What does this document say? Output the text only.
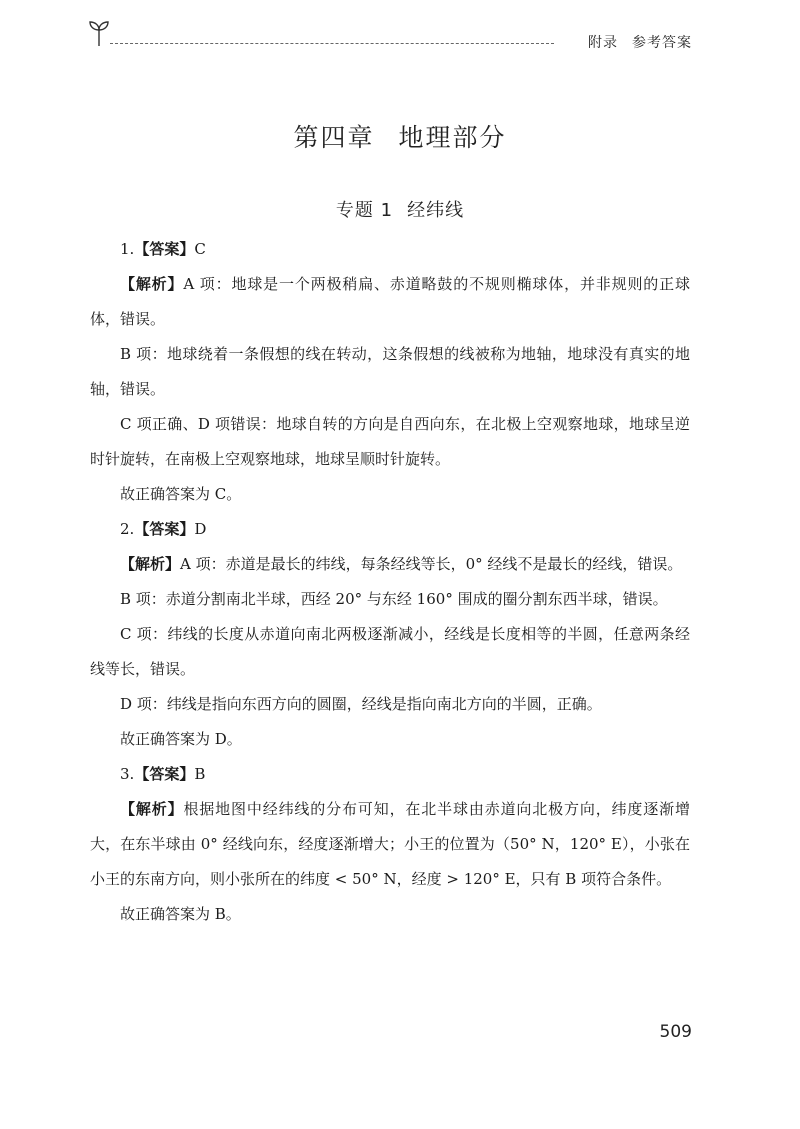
附录 参考答案
第四章 地理部分
专题 1 经纬线

1.【答案】C

【解析】A 项：地球是一个两极稍扁、赤道略鼓的不规则椭球体，并非规则的正球体，错误。

B 项：地球绕着一条假想的线在转动，这条假想的线被称为地轴，地球没有真实的地轴，错误。

C 项正确、D 项错误：地球自转的方向是自西向东，在北极上空观察地球，地球呈逆时针旋转，在南极上空观察地球，地球呈顺时针旋转。

故正确答案为 C。

2.【答案】D

【解析】A 项：赤道是最长的纬线，每条经线等长，0° 经线不是最长的经线，错误。

B 项：赤道分割南北半球，西经 20° 与东经 160° 围成的圈分割东西半球，错误。

C 项：纬线的长度从赤道向南北两极逐渐减小，经线是长度相等的半圆，任意两条经线等长，错误。

D 项：纬线是指向东西方向的圆圈，经线是指向南北方向的半圆，正确。

故正确答案为 D。

3.【答案】B

【解析】根据地图中经纬线的分布可知，在北半球由赤道向北极方向，纬度逐渐增大，在东半球由 0° 经线向东，经度逐渐增大；小王的位置为（50° N，120° E），小张在小王的东南方向，则小张所在的纬度 < 50° N，经度 > 120° E，只有 B 项符合条件。

故正确答案为 B。

509
